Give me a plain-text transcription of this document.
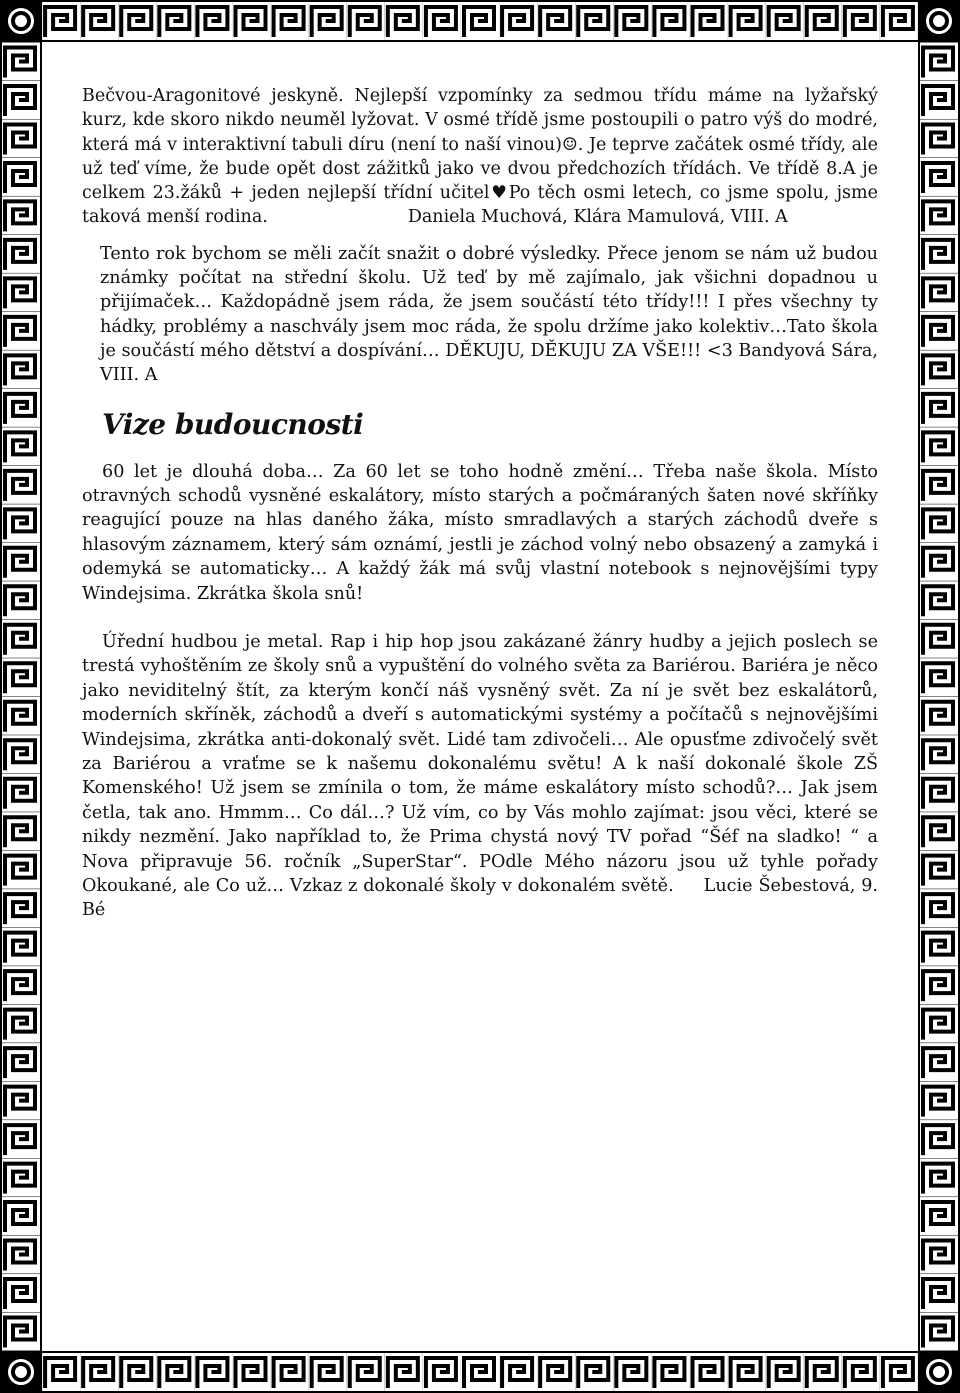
Bečvou-Aragonitové jeskyně. Nejlepší vzpomínky za sedmou třídu máme na lyžařský kurz, kde skoro nikdo neuměl lyžovat. V osmé třídě jsme postoupili o patro výš do modré, která má v interaktivní tabuli díru (není to naší vinou)☺. Je teprve začátek osmé třídy, ale už teď víme, že bude opět dost zážitků jako ve dvou předchozích třídách. Ve třídě 8.A je celkem 23.žáků + jeden nejlepší třídní učitel♥Po těch osmi letech, co jsme spolu, jsme taková menší rodina.	Daniela Muchová, Klára Mamulová, VIII. A

Tento rok bychom se měli začít snažit o dobré výsledky. Přece jenom se nám už budou známky počítat na střední školu. Už teď by mě zajímalo, jak všichni dopadnou u přijímaček… Každopádně jsem ráda, že jsem součástí této třídy!!! I přes všechny ty hádky, problémy a naschvály jsem moc ráda, že spolu držíme jako kolektiv…Tato škola je součástí mého dětství a dospívání… DĚKUJU, DĚKUJU ZA VŠE!!! <3 Bandyová Sára, VIII. A

Vize budoucnosti

60 let je dlouhá doba… Za 60 let se toho hodně změní… Třeba naše škola. Místo otravných schodů vysněné eskalátory, místo starých a počmáraných šaten nové skříňky reagující pouze na hlas daného žáka, místo smradlavých a starých záchodů dveře s hlasovým záznamem, který sám oznámí, jestli je záchod volný nebo obsazený a zamyká i odemyká se automaticky… A každý žák má svůj vlastní notebook s nejnovějšími typy Windejsima. Zkrátka škola snů!

Úřední hudbou je metal. Rap i hip hop jsou zakázané žánry hudby a jejich poslech se trestá vyhoštěním ze školy snů a vypuštění do volného světa za Bariérou. Bariéra je něco jako neviditelný štít, za kterým končí náš vysněný svět. Za ní je svět bez eskalátorů, moderních skříněk, záchodů a dveří s automatickými systémy a počítačů s nejnovějšími Windejsima, zkrátka anti-dokonalý svět. Lidé tam zdivočeli… Ale opusťme zdivočelý svět za Bariérou a vraťme se k našemu dokonalému světu! A k naší dokonalé škole ZŠ Komenského! Už jsem se zmínila o tom, že máme eskalátory místo schodů?… Jak jsem četla, tak ano. Hmmm… Co dál…? Už vím, co by Vás mohlo zajímat: jsou věci, které se nikdy nezmění. Jako například to, že Prima chystá nový TV pořad “Šéf na sladko! “ a Nova připravuje 56. ročník „SuperStar“. POdle Mého názoru jsou už tyhle pořady Okoukané, ale Co už… Vzkaz z dokonalé školy v dokonalém světě. Lucie Šebestová, 9. Bé
